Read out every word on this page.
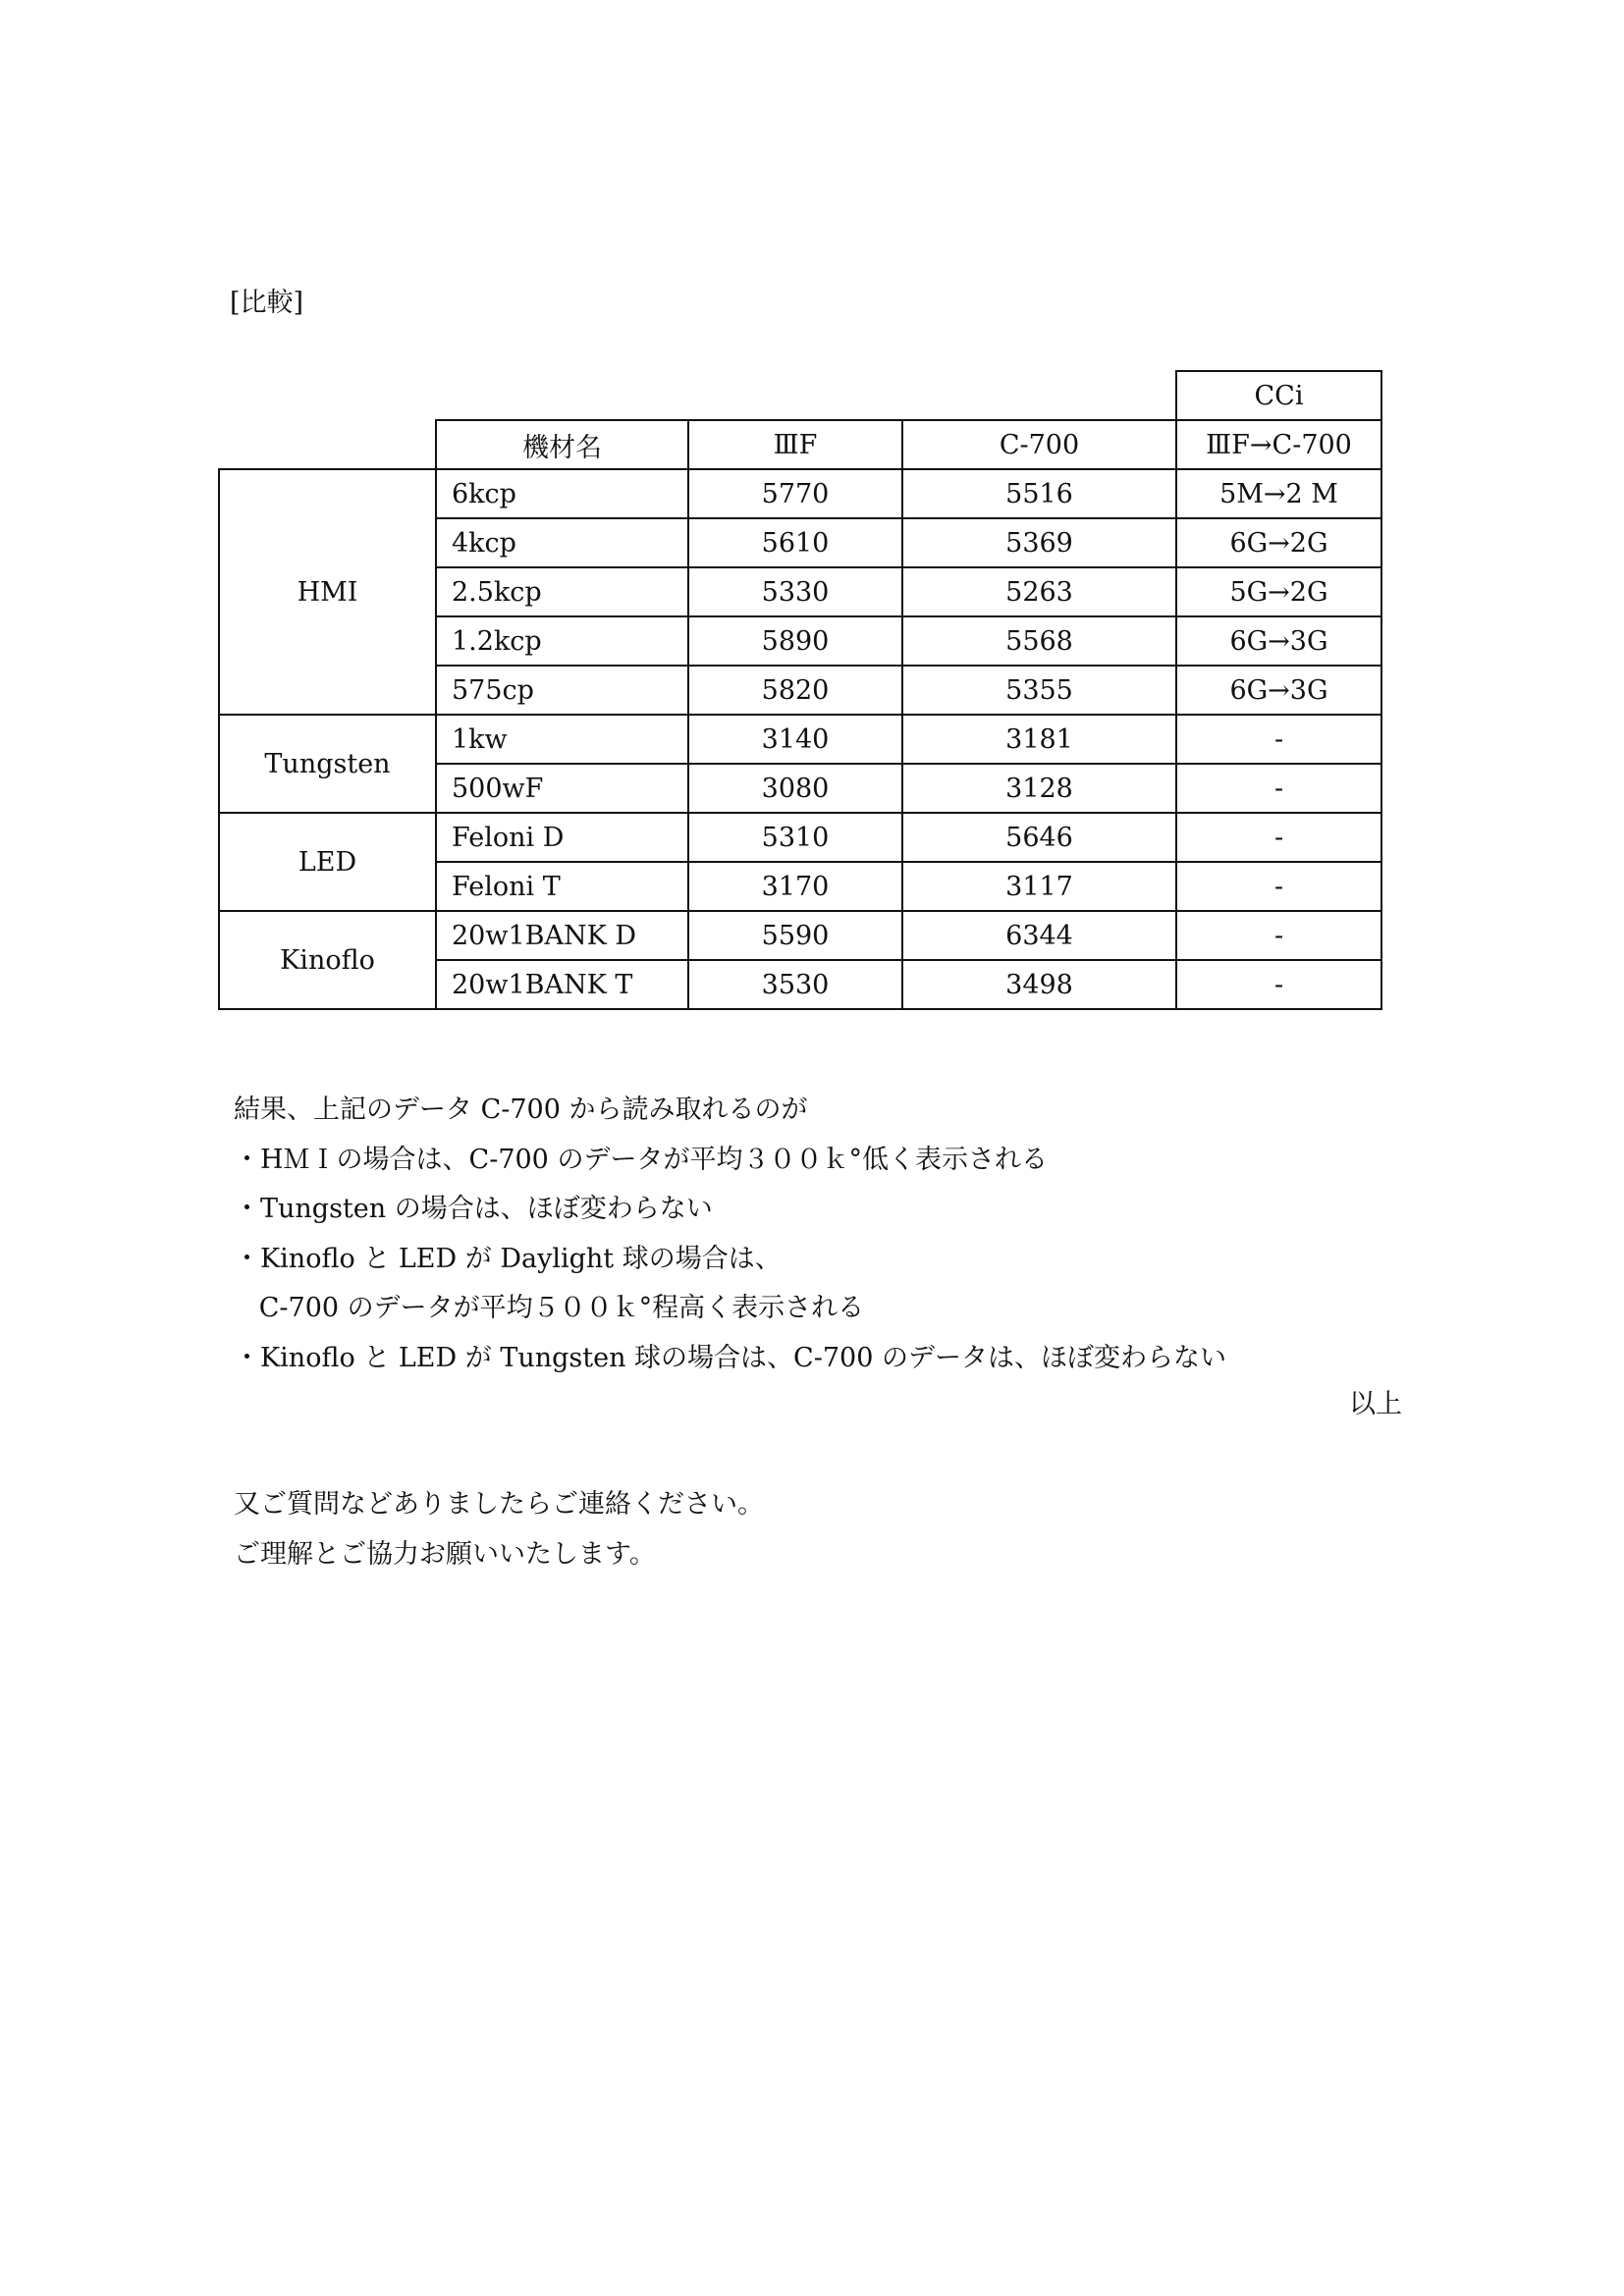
[比較]
				CCi
	機材名	ⅢF	C-700	ⅢF→C-700
HMI	6kcp	5770	5516	5M→2 M
	4kcp	5610	5369	6G→2G
	2.5kcp	5330	5263	5G→2G
	1.2kcp	5890	5568	6G→3G
	575cp	5820	5355	6G→3G
Tungsten	1kw	3140	3181	-
	500wF	3080	3128	-
LED	Feloni D	5310	5646	-
	Feloni T	3170	3117	-
Kinoflo	20w1BANK D	5590	6344	-
	20w1BANK T	3530	3498	-

結果、上記のデータ C-700 から読み取れるのが

・HＭＩの場合は、C-700 のデータが平均３００ｋ°低く表示される

・Tungsten の場合は、ほぼ変わらない

・Kinoflo と LED が Daylight 球の場合は、

C-700 のデータが平均５００ｋ°程高く表示される

・Kinoflo と LED が Tungsten 球の場合は、C-700 のデータは、ほぼ変わらない

以上

又ご質問などありましたらご連絡ください。

ご理解とご協力お願いいたします。
